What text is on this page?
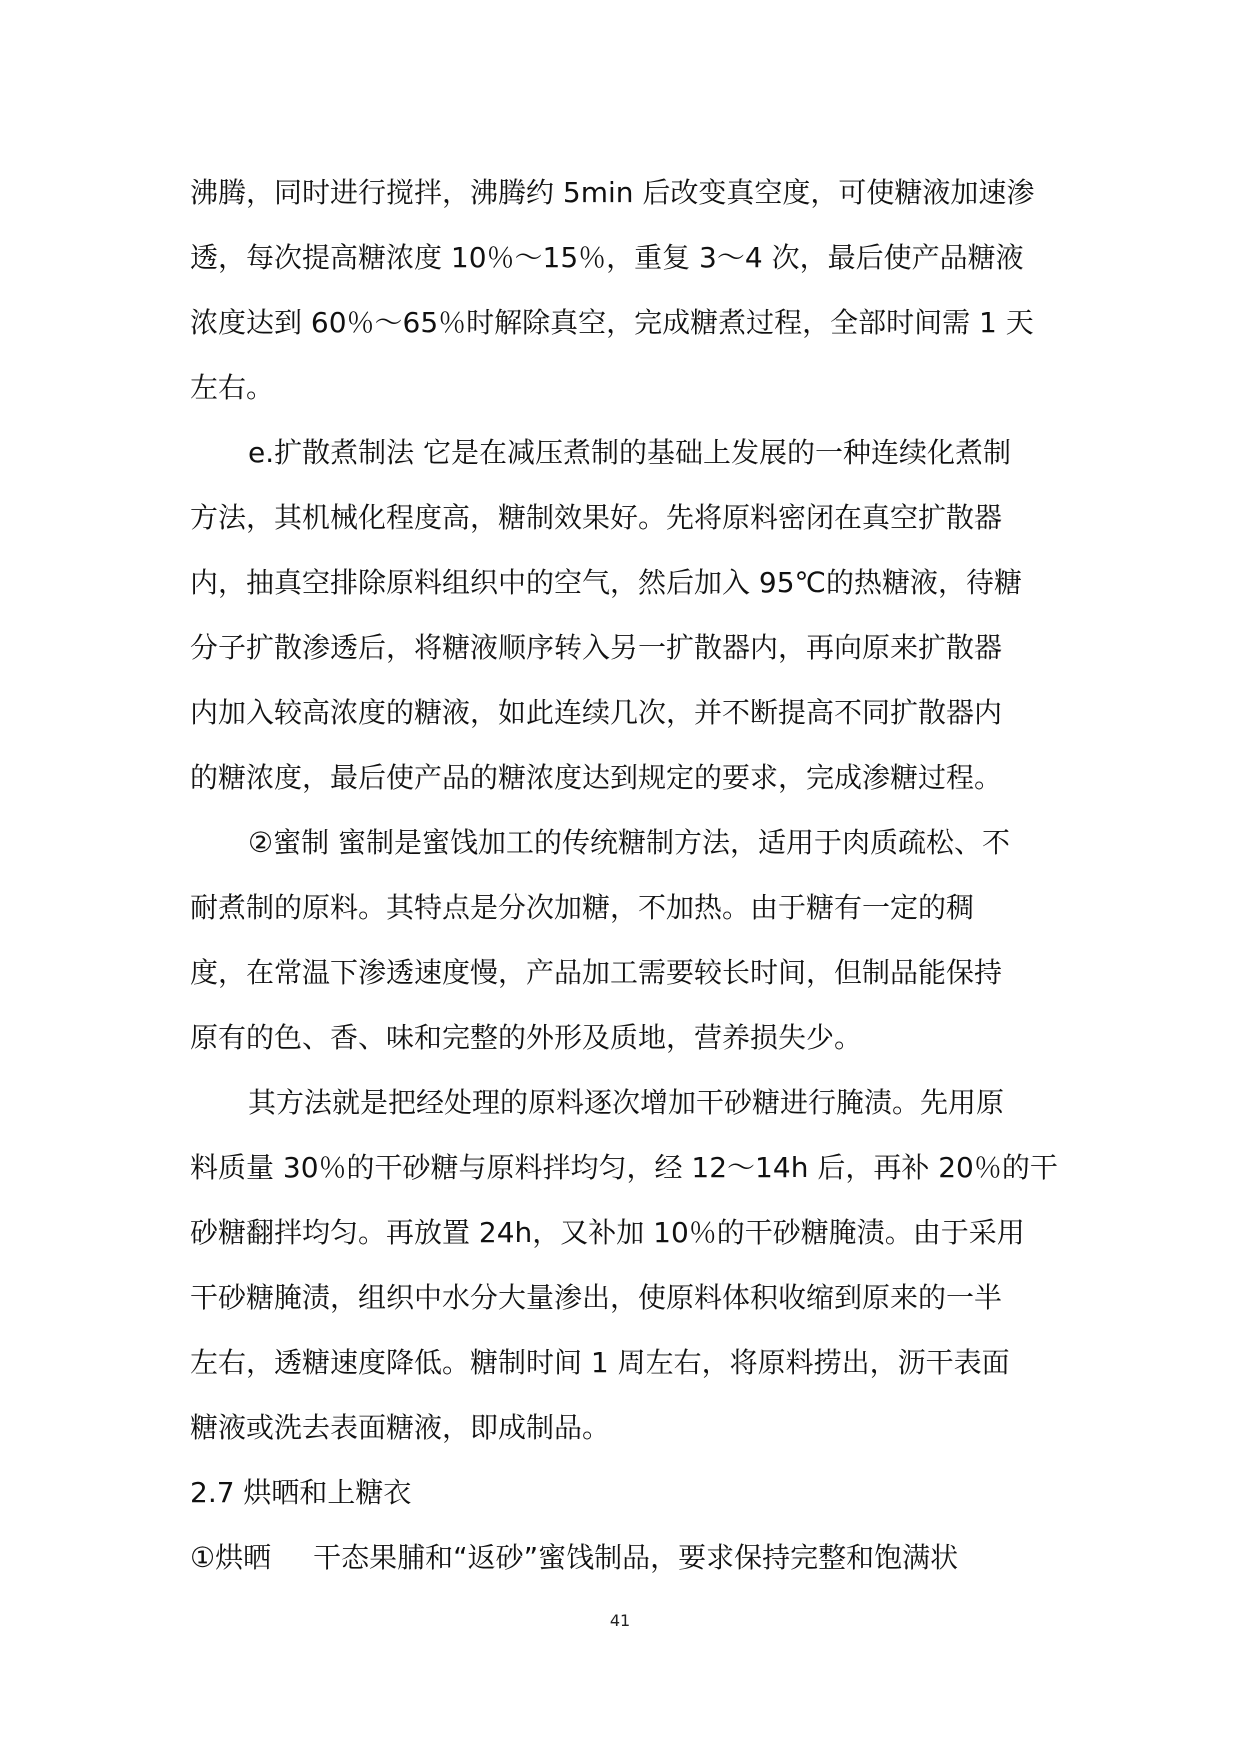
沸腾，同时进行搅拌，沸腾约 5min 后改变真空度，可使糖液加速渗
透，每次提高糖浓度 10％～15％，重复 3～4 次，最后使产品糖液
浓度达到 60％～65％时解除真空，完成糖煮过程，全部时间需 1 天
左右。
e.扩散煮制法 它是在减压煮制的基础上发展的一种连续化煮制
方法，其机械化程度高，糖制效果好。先将原料密闭在真空扩散器
内，抽真空排除原料组织中的空气，然后加入 95℃的热糖液，待糖
分子扩散渗透后，将糖液顺序转入另一扩散器内，再向原来扩散器
内加入较高浓度的糖液，如此连续几次，并不断提高不同扩散器内
的糖浓度，最后使产品的糖浓度达到规定的要求，完成渗糖过程。
②蜜制 蜜制是蜜饯加工的传统糖制方法，适用于肉质疏松、不
耐煮制的原料。其特点是分次加糖，不加热。由于糖有一定的稠
度，在常温下渗透速度慢，产品加工需要较长时间，但制品能保持
原有的色、香、味和完整的外形及质地，营养损失少。
其方法就是把经处理的原料逐次增加干砂糖进行腌渍。先用原
料质量 30％的干砂糖与原料拌均匀，经 12～14h 后，再补 20％的干
砂糖翻拌均匀。再放置 24h，又补加 10％的干砂糖腌渍。由于采用
干砂糖腌渍，组织中水分大量渗出，使原料体积收缩到原来的一半
左右，透糖速度降低。糖制时间 1 周左右，将原料捞出，沥干表面
糖液或洗去表面糖液，即成制品。
2.7 烘晒和上糖衣
①烘晒 干态果脯和“返砂”蜜饯制品，要求保持完整和饱满状
41
